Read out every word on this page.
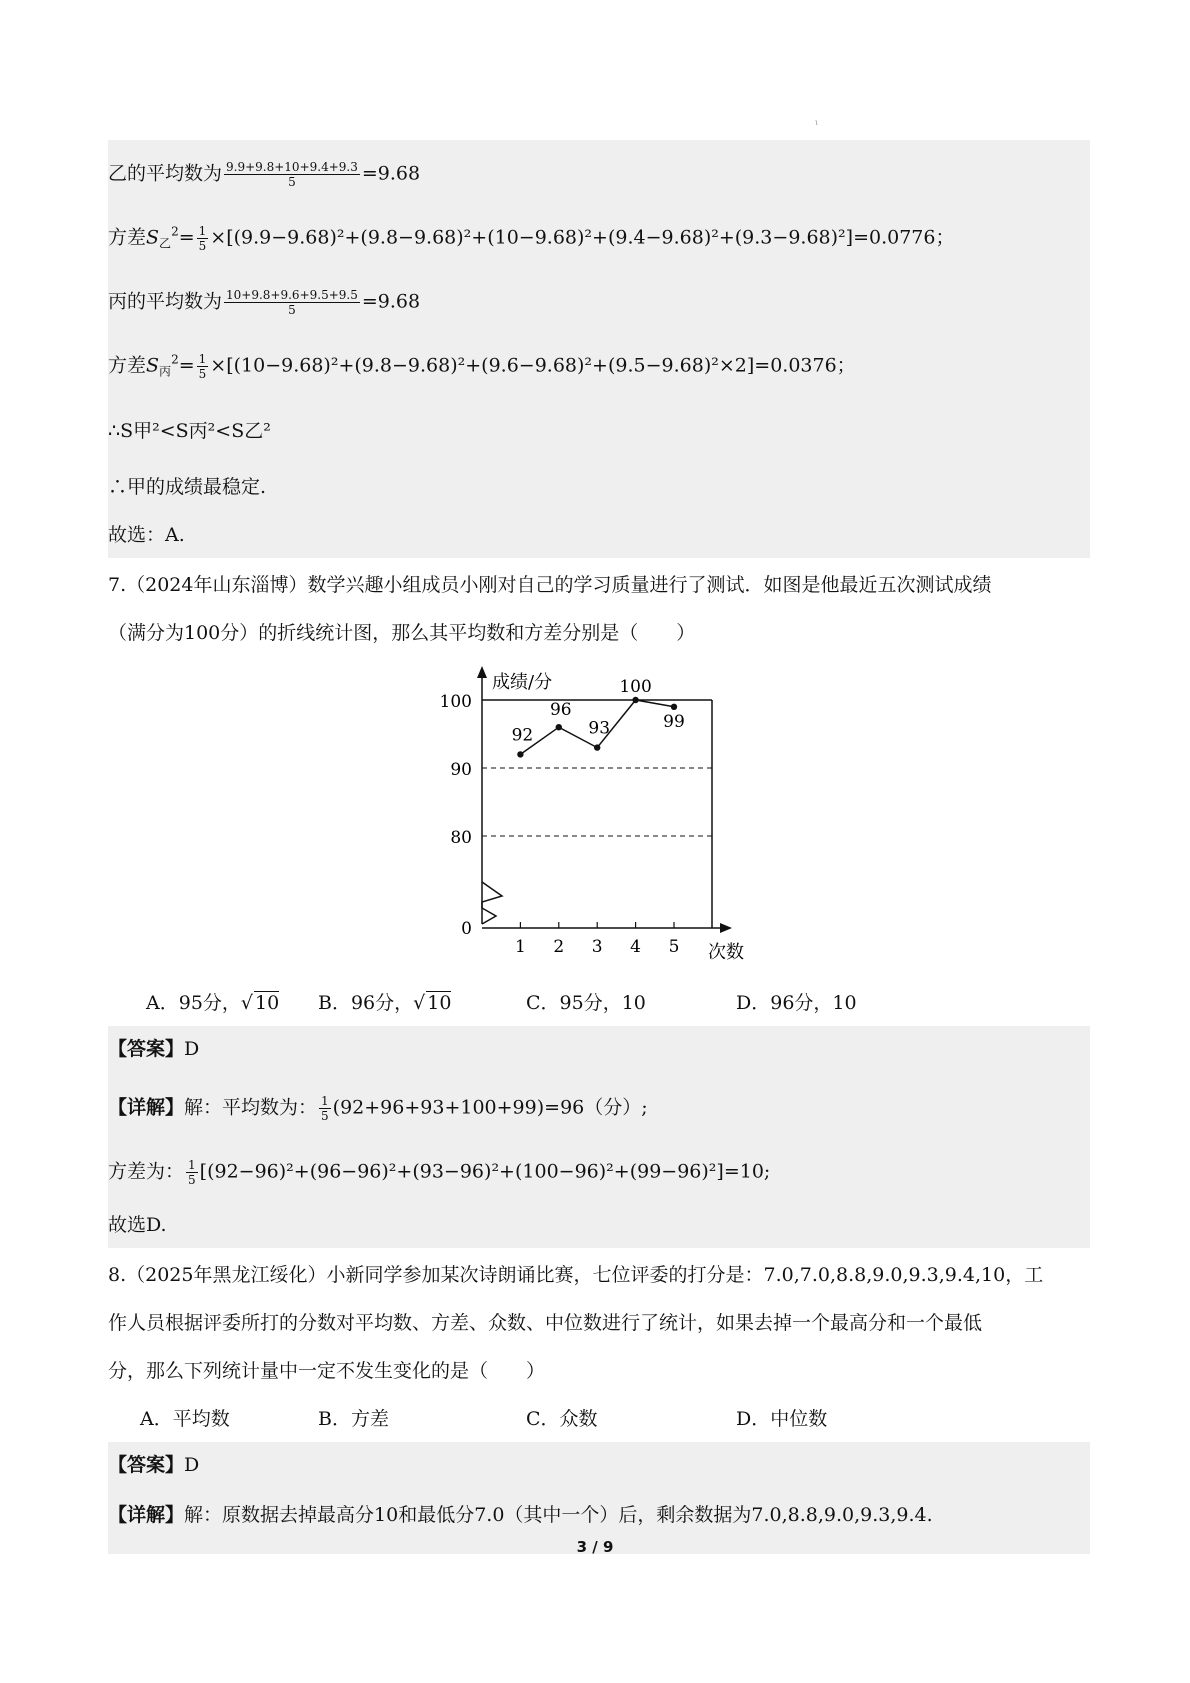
ι
乙的平均数为 $\frac{9.9+9.8+10+9.4+9.3}{5} =9.68$
方差$S_乙^2= \frac{1}{5} \times[(9.9-9.68)^2+(9.8-9.68)^2+(10-9.68)^2+(9.4-9.68)^2+(9.3-9.68)^2]=0.0776$；
丙的平均数为 $\frac{10+9.8+9.6+9.5+9.5}{5} =9.68$
方差$S_丙^2= \frac{1}{5} \times[(10-9.68)^2+(9.8-9.68)^2+(9.6-9.68)^2+(9.5-9.68)^2\times 2]=0.0376$；
∴S甲²<S丙²<S乙²
∴甲的成绩最稳定.
故选：A.
7.（2024年山东淄博）数学兴趣小组成员小刚对自己的学习质量进行了测试．如图是他最近五次测试成绩
（满分为100分）的折线统计图，那么其平均数和方差分别是（　　）
100
90
80
0
成绩/分
次数
1 2 3 4 5
92
96
93
100
99
A．95分，√ 10 B．96分，√ 10	C．95分，10	D．96分，10
【答案】D
【详解】解：平均数为： $\frac{1}{5} (92+96+93+100+99)=96$（分）;
方差为： $\frac{1}{5} [(92-96)^2+(96-96)^2+(93-96)^2+(100-96)^2+(99-96)^2]=10$;
故选D.
8.（2025年黑龙江绥化）小新同学参加某次诗朗诵比赛，七位评委的打分是：7.0,7.0,8.8,9.0,9.3,9.4,10，工
作人员根据评委所打的分数对平均数、方差、众数、中位数进行了统计，如果去掉一个最高分和一个最低
分，那么下列统计量中一定不发生变化的是（　　）
A．平均数	B．方差	C．众数	D．中位数
【答案】D
【详解】解：原数据去掉最高分10和最低分7.0（其中一个）后，剩余数据为7.0,8.8,9.0,9.3,9.4.
3 / 9
